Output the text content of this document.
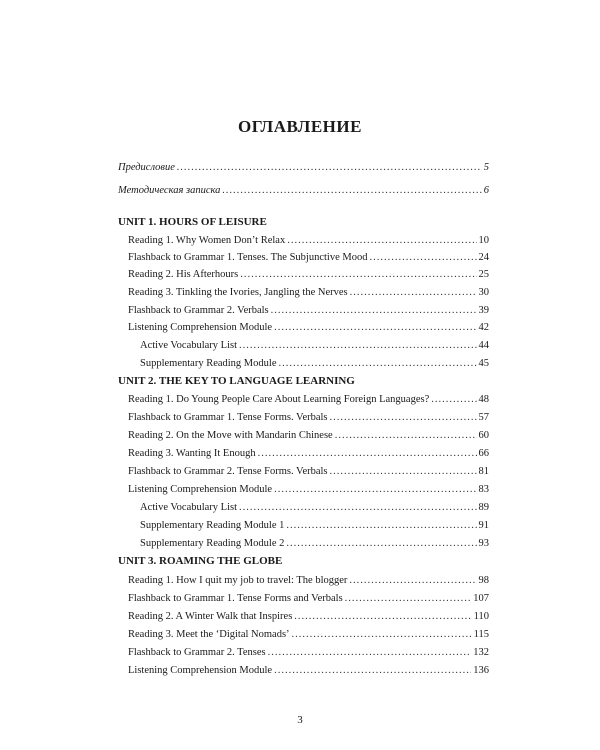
ОГЛАВЛЕНИЕ
Предисловие .....	5
Методическая записка .....	6
UNIT 1. HOURS OF LEISURE
Reading 1. Why Women Don’t Relax .....	10
Flashback to Grammar 1. Tenses. The Subjunctive Mood .....	24
Reading 2. His Afterhours .....	25
Reading 3. Tinkling the Ivories, Jangling the Nerves .....	30
Flashback to Grammar 2. Verbals .....	39
Listening Comprehension Module .....	42
Active Vocabulary List .....	44
Supplementary Reading Module .....	45
UNIT 2. THE KEY TO LANGUAGE LEARNING
Reading 1. Do Young People Care About Learning Foreign Languages? .....	48
Flashback to Grammar 1. Tense Forms. Verbals .....	57
Reading 2. On the Move with Mandarin Chinese .....	60
Reading 3. Wanting It Enough .....	66
Flashback to Grammar 2. Tense Forms. Verbals .....	81
Listening Comprehension Module .....	83
Active Vocabulary List .....	89
Supplementary Reading Module 1 .....	91
Supplementary Reading Module 2 .....	93
UNIT 3. ROAMING THE GLOBE
Reading 1. How I quit my job to travel: The blogger .....	98
Flashback to Grammar 1. Tense Forms and Verbals .....	107
Reading 2. A Winter Walk that Inspires .....	110
Reading 3. Meet the ‘Digital Nomads’ .....	115
Flashback to Grammar 2. Tenses .....	132
Listening Comprehension Module .....	136
3
